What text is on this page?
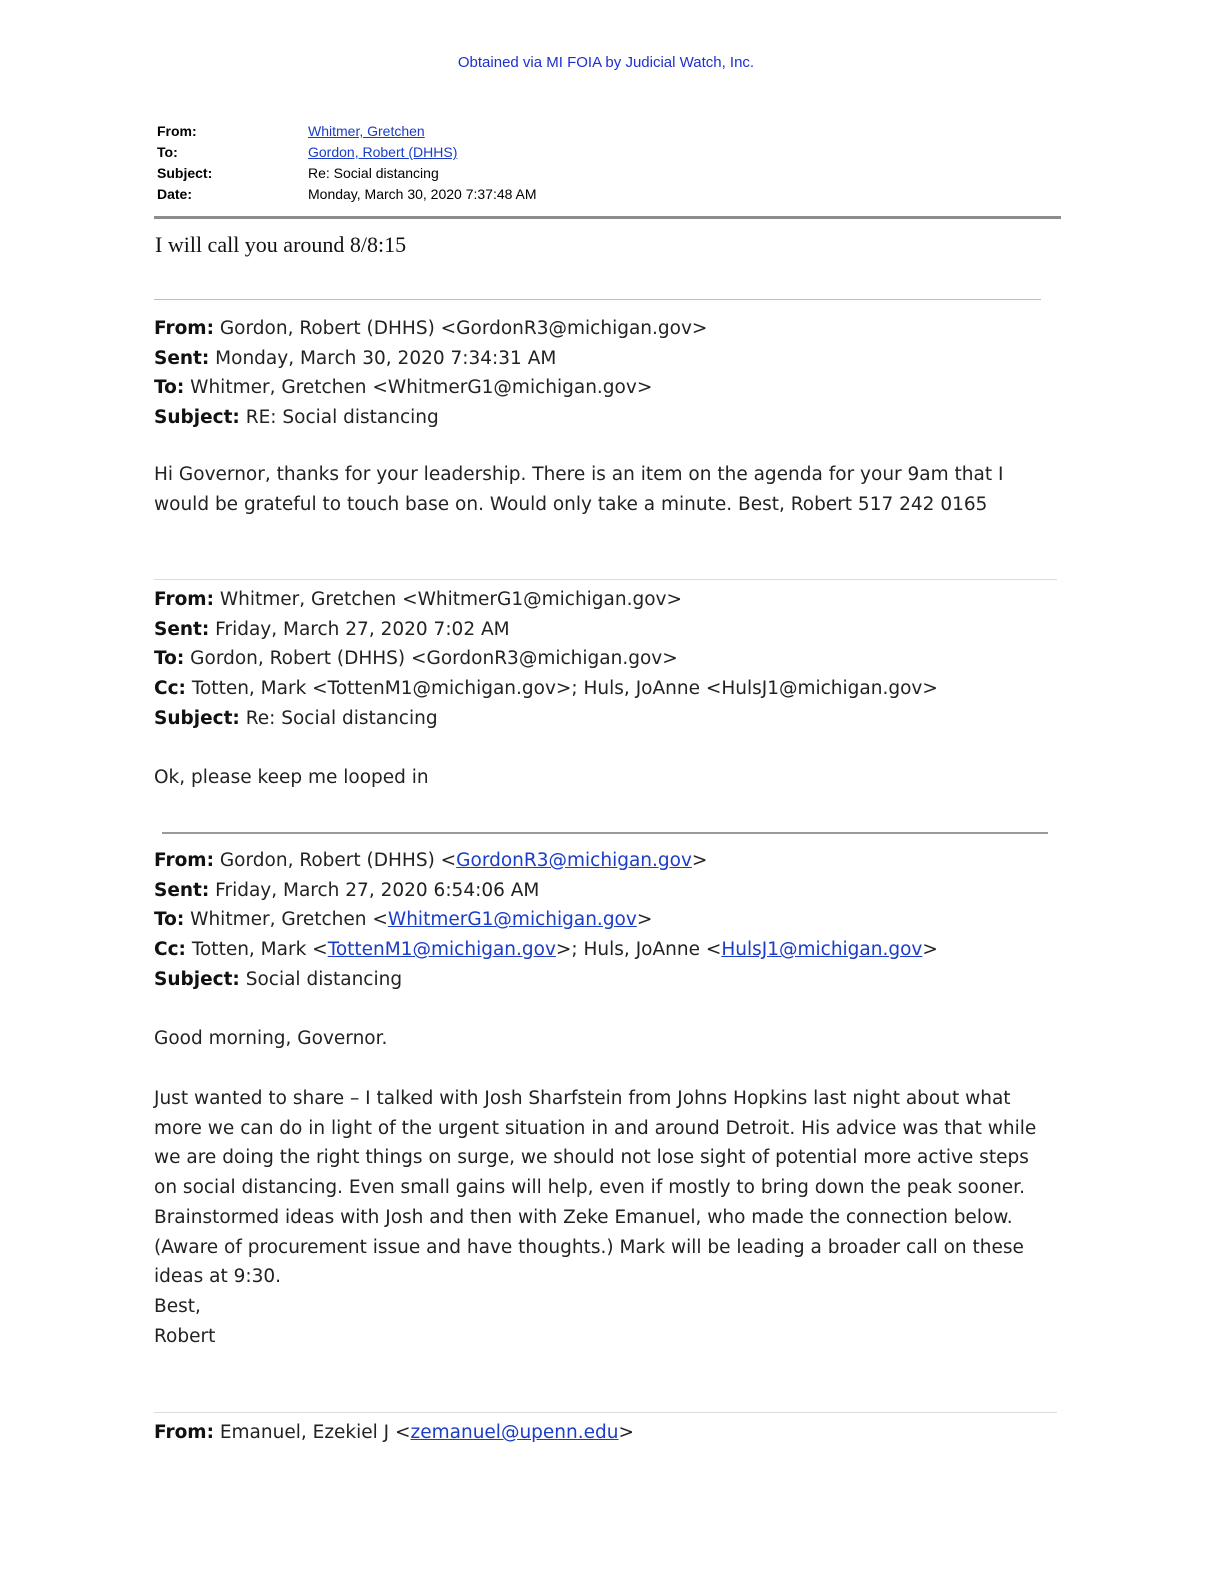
Obtained via MI FOIA by Judicial Watch, Inc.
From:	Whitmer, Gretchen
To:	Gordon, Robert (DHHS)
Subject:	Re: Social distancing
Date:	Monday, March 30, 2020 7:37:48 AM
I will call you around 8/8:15
From: Gordon, Robert (DHHS) <GordonR3@michigan.gov>
Sent: Monday, March 30, 2020 7:34:31 AM
To: Whitmer, Gretchen <WhitmerG1@michigan.gov>
Subject: RE: Social distancing
Hi Governor, thanks for your leadership. There is an item on the agenda for your 9am that I would be grateful to touch base on. Would only take a minute. Best, Robert 517 242 0165
From: Whitmer, Gretchen <WhitmerG1@michigan.gov>
Sent: Friday, March 27, 2020 7:02 AM
To: Gordon, Robert (DHHS) <GordonR3@michigan.gov>
Cc: Totten, Mark <TottenM1@michigan.gov>; Huls, JoAnne <HulsJ1@michigan.gov>
Subject: Re: Social distancing
Ok, please keep me looped in
From: Gordon, Robert (DHHS) <GordonR3@michigan.gov>
Sent: Friday, March 27, 2020 6:54:06 AM
To: Whitmer, Gretchen <WhitmerG1@michigan.gov>
Cc: Totten, Mark <TottenM1@michigan.gov>; Huls, JoAnne <HulsJ1@michigan.gov>
Subject: Social distancing
Good morning, Governor.
Just wanted to share – I talked with Josh Sharfstein from Johns Hopkins last night about what more we can do in light of the urgent situation in and around Detroit. His advice was that while we are doing the right things on surge, we should not lose sight of potential more active steps on social distancing. Even small gains will help, even if mostly to bring down the peak sooner. Brainstormed ideas with Josh and then with Zeke Emanuel, who made the connection below. (Aware of procurement issue and have thoughts.) Mark will be leading a broader call on these ideas at 9:30.
Best,
Robert
From: Emanuel, Ezekiel J <zemanuel@upenn.edu>
